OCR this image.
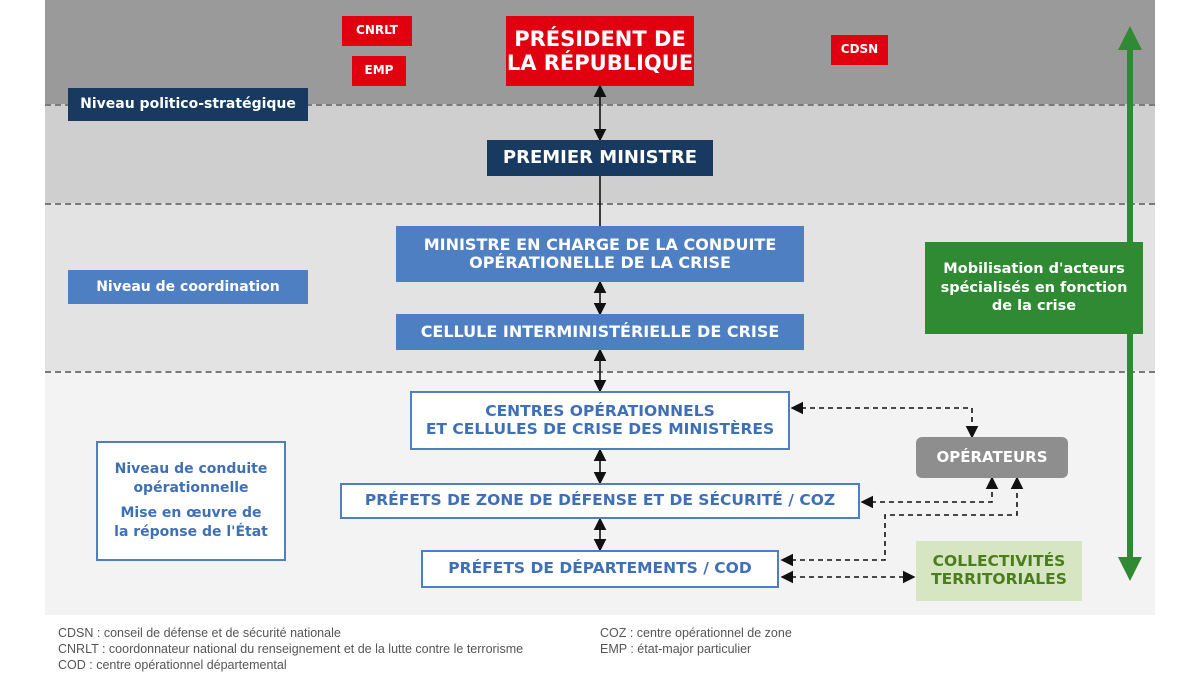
CNRLT
EMP
CDSN
PRÉSIDENT DE
LA RÉPUBLIQUE
Niveau politico-stratégique
PREMIER MINISTRE
MINISTRE EN CHARGE DE LA CONDUITE
OPÉRATIONELLE DE LA CRISE
Niveau de coordination
CELLULE INTERMINISTÉRIELLE DE CRISE
Mobilisation d'acteurs
spécialisés en fonction
de la crise
CENTRES OPÉRATIONNELS
ET CELLULES DE CRISE DES MINISTÈRES
Niveau de conduite
opérationnelle
Mise en œuvre de
la réponse de l'État
OPÉRATEURS
PRÉFETS DE ZONE DE DÉFENSE ET DE SÉCURITÉ / COZ
PRÉFETS DE DÉPARTEMENTS / COD	COLLECTIVITÉS
TERRITORIALES
CDSN : conseil de défense et de sécurité nationale
CNRLT : coordonnateur national du renseignement et de la lutte contre le terrorisme
COD : centre opérationnel départemental
COZ : centre opérationnel de zone
EMP : état-major particulier
